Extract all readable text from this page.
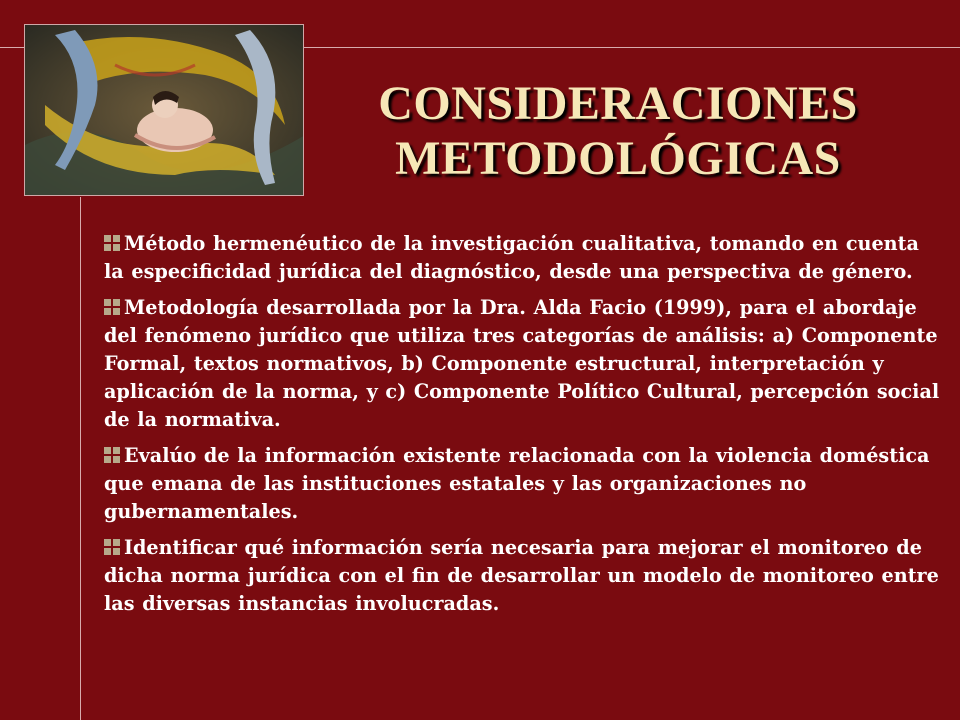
CONSIDERACIONES
METODOLÓGICAS

Método hermenéutico de la investigación cualitativa, tomando en cuenta la especificidad jurídica del diagnóstico, desde una perspectiva de género.

Metodología desarrollada por la Dra. Alda Facio (1999), para el abordaje del fenómeno jurídico que utiliza tres categorías de análisis: a) Componente Formal, textos normativos, b) Componente estructural, interpretación y aplicación de la norma, y c) Componente Político Cultural, percepción social de la normativa.

Evalúo de la información existente relacionada con la violencia doméstica que emana de las instituciones estatales y las organizaciones no gubernamentales.

Identificar qué información sería necesaria para mejorar el monitoreo de dicha norma jurídica con el fin de desarrollar un modelo de monitoreo entre las diversas instancias involucradas.
